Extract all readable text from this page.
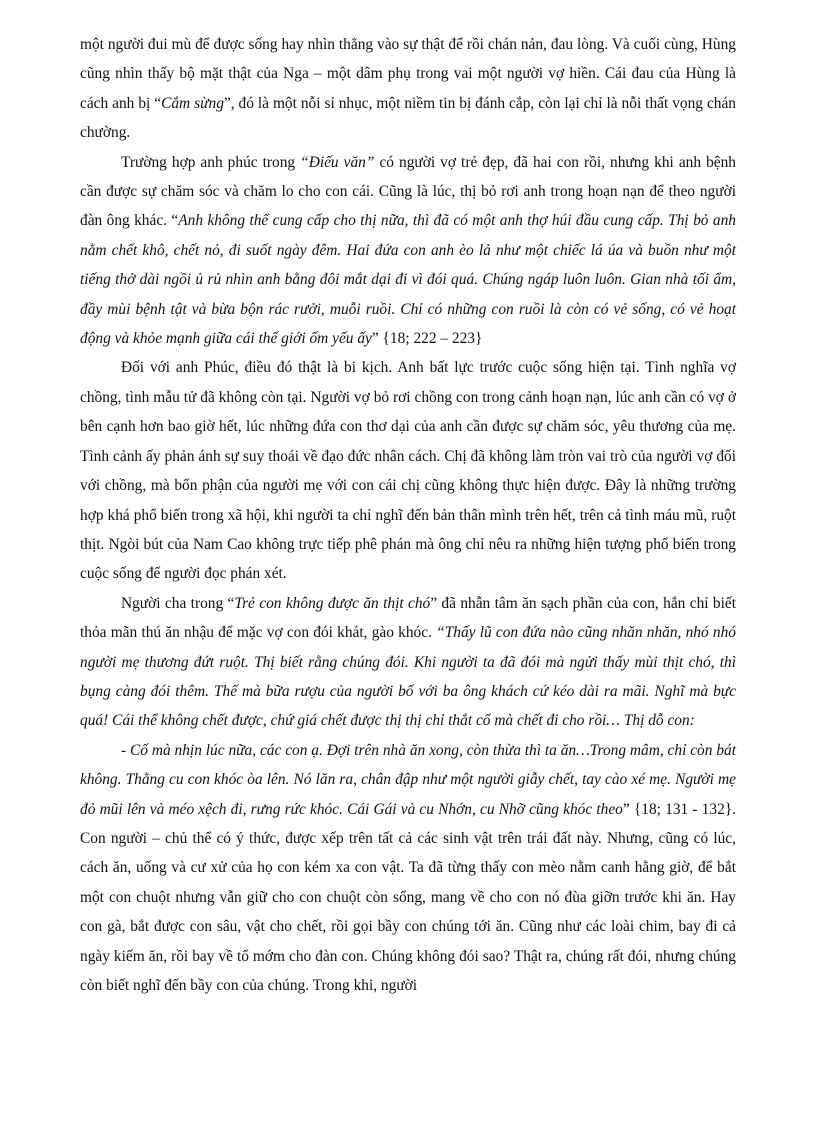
một người đui mù để được sống hay nhìn thẳng vào sự thật để rồi chán nản, đau lòng. Và cuối cùng, Hùng cũng nhìn thấy bộ mặt thật của Nga – một dâm phụ trong vai một người vợ hiền. Cái đau của Hùng là cách anh bị “Cắm sừng”, đó là một nỗi sỉ nhục, một niềm tin bị đánh cắp, còn lại chỉ là nỗi thất vọng chán chường.

Trường hợp anh phúc trong “Điếu văn” có người vợ trẻ đẹp, đã hai con rồi, nhưng khi anh bệnh cần được sự chăm sóc và chăm lo cho con cái. Cũng là lúc, thị bỏ rơi anh trong hoạn nạn để theo người đàn ông khác. “Anh không thể cung cấp cho thị nữa, thì đã có một anh thợ húi đầu cung cấp. Thị bỏ anh nằm chết khô, chết nỏ, đi suốt ngày đêm. Hai đứa con anh èo lả như một chiếc lá úa và buồn như một tiếng thở dài ngồi ủ rủ nhìn anh bằng đôi mắt dại đi vì đói quá. Chúng ngáp luôn luôn. Gian nhà tối ẩm, đầy mùi bệnh tật và bừa bộn rác rưởi, muỗi ruồi. Chỉ có những con ruồi là còn có vẻ sống, có vẻ hoạt động và khỏe mạnh giữa cái thế giới ốm yếu ấy” {18; 222 – 223}

Đối với anh Phúc, điều đó thật là bi kịch. Anh bất lực trước cuộc sống hiện tại. Tình nghĩa vợ chồng, tình mẫu tử đã không còn tại. Người vợ bỏ rơi chồng con trong cảnh hoạn nạn, lúc anh cần có vợ ở bên cạnh hơn bao giờ hết, lúc những đứa con thơ dại của anh cần được sự chăm sóc, yêu thương của mẹ. Tình cảnh ấy phản ánh sự suy thoái về đạo đức nhân cách. Chị đã không làm tròn vai trò của người vợ đối với chồng, mà bổn phận của người mẹ với con cái chị cũng không thực hiện được. Đây là những trường hợp khá phổ biến trong xã hội, khi người ta chỉ nghĩ đến bản thân mình trên hết, trên cả tình máu mũ, ruột thịt. Ngòi bút của Nam Cao không trực tiếp phê phán mà ông chỉ nêu ra những hiện tượng phổ biến trong cuộc sống để người đọc phán xét.

Người cha trong “Trẻ con không được ăn thịt chó” đã nhẫn tâm ăn sạch phần của con, hắn chỉ biết thỏa mãn thú ăn nhậu để mặc vợ con đói khát, gào khóc. “Thấy lũ con đứa nào cũng nhăn nhăn, nhó nhó người mẹ thương đứt ruột. Thị biết rằng chúng đói. Khi người ta đã đói mà ngửi thấy mùi thịt chó, thì bụng càng đói thêm. Thế mà bữa rượu của người bố với ba ông khách cứ kéo dài ra mãi. Nghĩ mà bực quá! Cái thể không chết được, chứ giá chết được thị thị chỉ thắt cổ mà chết đi cho rồi… Thị dỗ con:

- Cố mà nhịn lúc nữa, các con ạ. Đợi trên nhà ăn xong, còn thừa thì ta ăn…Trong mâm, chỉ còn bát không. Thằng cu con khóc òa lên. Nó lăn ra, chân đập như một người giẫy chết, tay cào xé mẹ. Người mẹ đỏ mũi lên và méo xệch đi, rưng rức khóc. Cái Gái và cu Nhớn, cu Nhỡ cũng khóc theo” {18; 131 - 132}. Con người – chủ thể có ý thức, được xếp trên tất cả các sinh vật trên trái đất này. Nhưng, cũng có lúc, cách ăn, uống và cư xử của họ con kém xa con vật. Ta đã từng thấy con mèo nằm canh hằng giờ, để bắt một con chuột nhưng vẫn giữ cho con chuột còn sống, mang về cho con nó đùa giỡn trước khi ăn. Hay con gà, bắt được con sâu, vật cho chết, rồi gọi bầy con chúng tới ăn. Cũng như các loài chim, bay đi cả ngày kiếm ăn, rồi bay về tổ mớm cho đàn con. Chúng không đói sao? Thật ra, chúng rất đói, nhưng chúng còn biết nghĩ đến bầy con của chúng. Trong khi, người
